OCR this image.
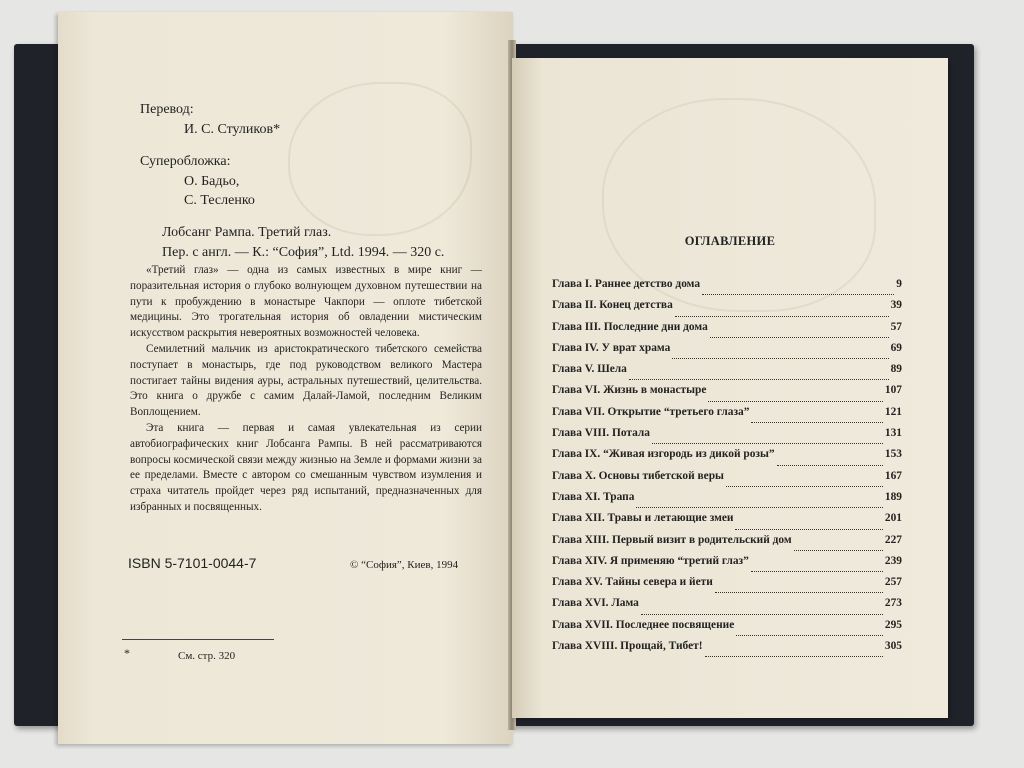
Перевод:
И. С. Стуликов*
Суперобложка:
О. Бадьо,
С. Тесленко
Лобсанг Рампа. Третий глаз.
Пер. с англ. — К.: “София”, Ltd. 1994. — 320 с.

«Третий глаз» — одна из самых известных в мире книг — поразительная история о глубоко волнующем духовном путешествии на пути к пробуждению в монастыре Чакпори — оплоте тибетской медицины. Это трогательная история об овладении мистическим искусством раскрытия невероятных возможностей человека.

Семилетний мальчик из аристократического тибетского семейства поступает в монастырь, где под руководством великого Мастера постигает тайны видения ауры, астральных путешествий, целительства. Это книга о дружбе с самим Далай-Ламой, последним Великим Воплощением.

Эта книга — первая и самая увлекательная из серии автобиографических книг Лобсанга Рампы. В ней рассматриваются вопросы космической связи между жизнью на Земле и формами жизни за ее пределами. Вместе с автором со смешанным чувством изумления и страха читатель пройдет через ряд испытаний, предназначенных для избранных и посвященных.

ISBN 5-7101-0044-7	© “София”, Киев, 1994
*	См. стр. 320
ОГЛАВЛЕНИЕ
Глава I. Раннее детство дома	9
Глава II. Конец детства	39
Глава III. Последние дни дома	57
Глава IV. У врат храма	69
Глава V. Шела	89
Глава VI. Жизнь в монастыре	107
Глава VII. Открытие “третьего глаза”	121
Глава VIII. Потала	131
Глава IX. “Живая изгородь из дикой розы”	153
Глава X. Основы тибетской веры	167
Глава XI. Трапа	189
Глава XII. Травы и летающие змеи	201
Глава XIII. Первый визит в родительский дом	227
Глава XIV. Я применяю “третий глаз”	239
Глава XV. Тайны севера и йети	257
Глава XVI. Лама	273
Глава XVII. Последнее посвящение	295
Глава XVIII. Прощай, Тибет!	305
